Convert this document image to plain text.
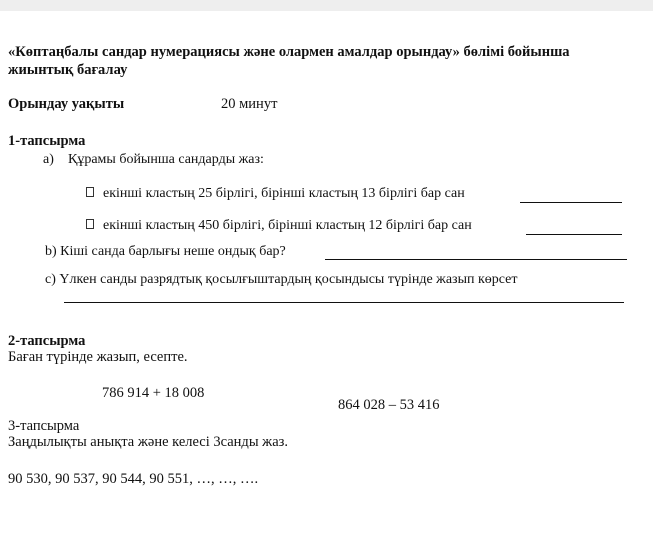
«Көптаңбалы сандар нумерациясы және олармен амалдар орындау» бөлімі бойынша
жиынтық бағалау
Орындау уақыты	20 минут
1-тапсырма
а) Құрамы бойынша сандарды жаз:
екінші кластың 25 бірлігі, бірінші кластың 13 бірлігі бар сан
екінші кластың 450 бірлігі, бірінші кластың 12 бірлігі бар сан
b) Кіші санда барлығы неше ондық бар?
c) Үлкен санды разрядтық қосылғыштардың қосындысы түрінде жазып көрсет
2-тапсырма
Баған түрінде жазып, есепте.
786 914 + 18 008
864 028 – 53 416
3-тапсырма
Заңдылықты анықта және келесі 3санды жаз.
90 530, 90 537, 90 544, 90 551, …, …, ….
